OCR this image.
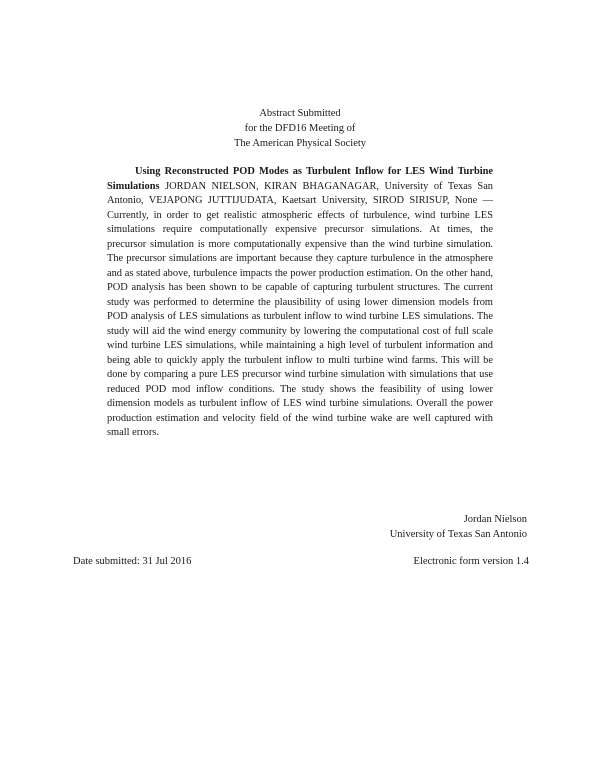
Abstract Submitted
for the DFD16 Meeting of
The American Physical Society
Using Reconstructed POD Modes as Turbulent Inflow for LES Wind Turbine Simulations JORDAN NIELSON, KIRAN BHAGANAGAR, University of Texas San Antonio, VEJAPONG JUTTIJUDATA, Kaetsart University, SIROD SIRISUP, None — Currently, in order to get realistic atmospheric effects of turbulence, wind turbine LES simulations require computationally expensive precursor simulations. At times, the precursor simulation is more computationally expensive than the wind turbine simulation. The precursor simulations are important because they capture turbulence in the atmosphere and as stated above, turbulence impacts the power production estimation. On the other hand, POD analysis has been shown to be capable of capturing turbulent structures. The current study was performed to determine the plausibility of using lower dimension models from POD analysis of LES simulations as turbulent inflow to wind turbine LES simulations. The study will aid the wind energy community by lowering the computational cost of full scale wind turbine LES simulations, while maintaining a high level of turbulent information and being able to quickly apply the turbulent inflow to multi turbine wind farms. This will be done by comparing a pure LES precursor wind turbine simulation with simulations that use reduced POD mod inflow conditions. The study shows the feasibility of using lower dimension models as turbulent inflow of LES wind turbine simulations. Overall the power production estimation and velocity field of the wind turbine wake are well captured with small errors.
Jordan Nielson
University of Texas San Antonio
Date submitted: 31 Jul 2016	Electronic form version 1.4
